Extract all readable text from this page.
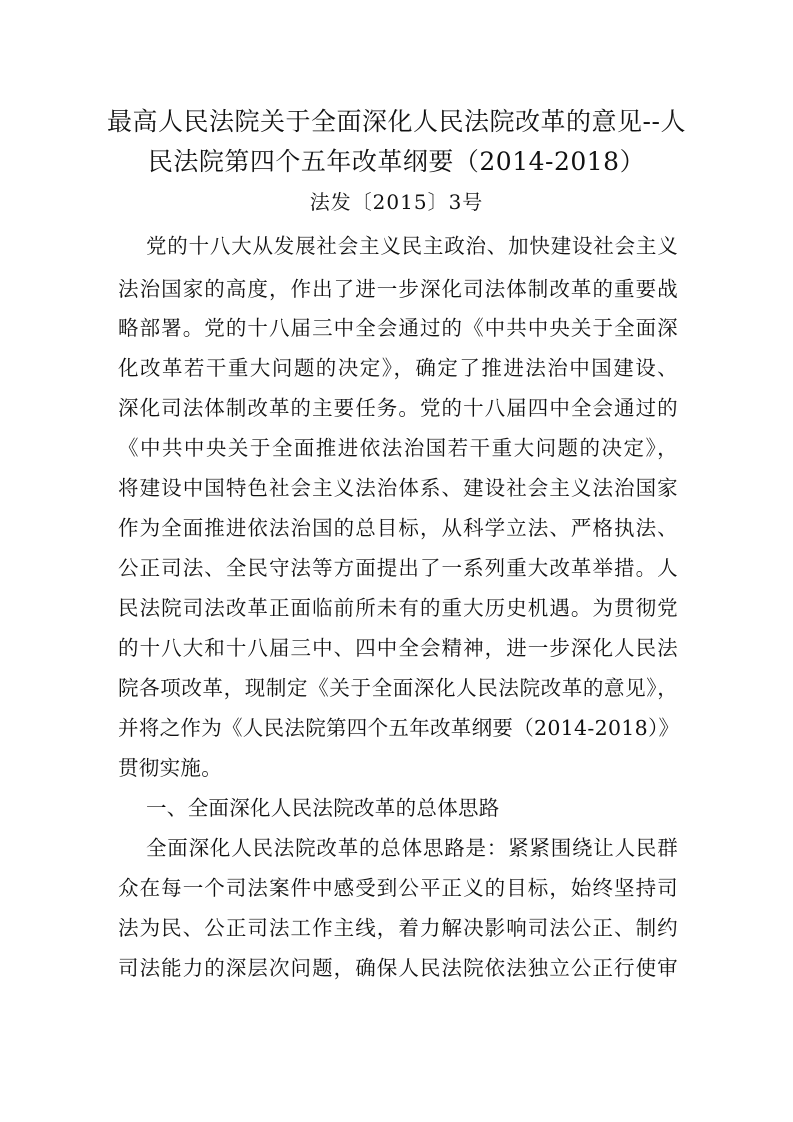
最高人民法院关于全面深化人民法院改革的意见--人
民法院第四个五年改革纲要（2014-2018）
法发〔2015〕3号
党的十八大从发展社会主义民主政治、加快建设社会主义
法治国家的高度，作出了进一步深化司法体制改革的重要战
略部署。党的十八届三中全会通过的《中共中央关于全面深
化改革若干重大问题的决定》，确定了推进法治中国建设、
深化司法体制改革的主要任务。党的十八届四中全会通过的
《中共中央关于全面推进依法治国若干重大问题的决定》，
将建设中国特色社会主义法治体系、建设社会主义法治国家
作为全面推进依法治国的总目标，从科学立法、严格执法、
公正司法、全民守法等方面提出了一系列重大改革举措。人
民法院司法改革正面临前所未有的重大历史机遇。为贯彻党
的十八大和十八届三中、四中全会精神，进一步深化人民法
院各项改革，现制定《关于全面深化人民法院改革的意见》，
并将之作为《人民法院第四个五年改革纲要（2014-2018）》
贯彻实施。
一、全面深化人民法院改革的总体思路
全面深化人民法院改革的总体思路是：紧紧围绕让人民群
众在每一个司法案件中感受到公平正义的目标，始终坚持司
法为民、公正司法工作主线，着力解决影响司法公正、制约
司法能力的深层次问题，确保人民法院依法独立公正行使审
